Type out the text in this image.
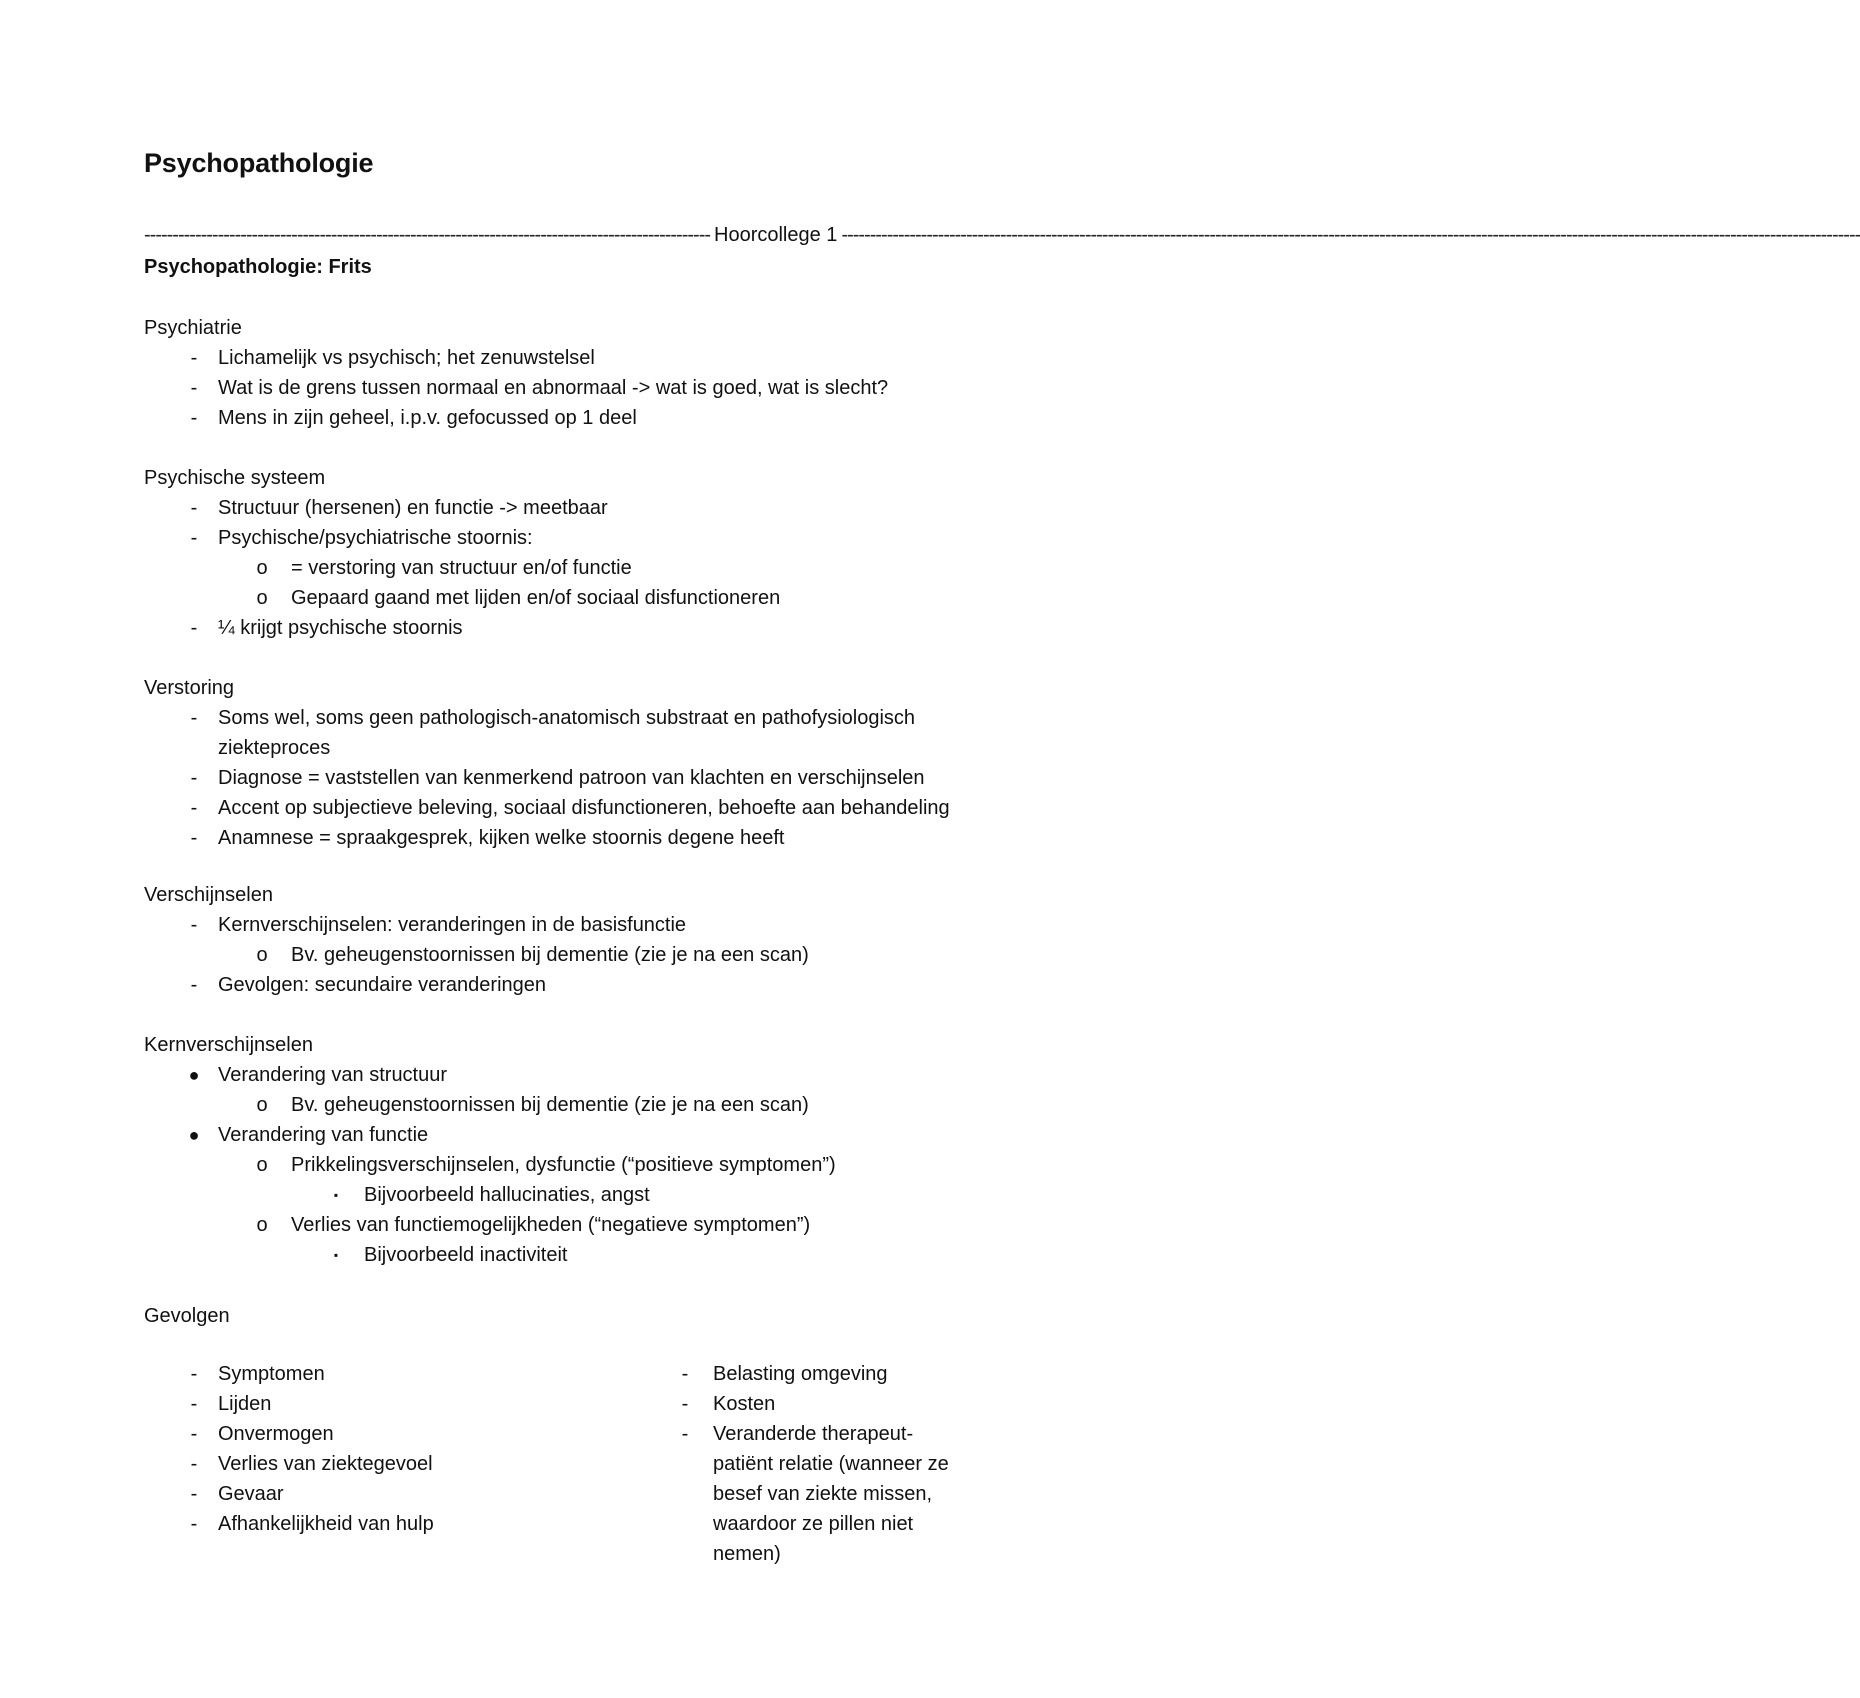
Psychopathologie
---------------------------------------------------------------------------------------------------- Hoorcollege 1 ------------------------------------------------------------------------------------------------------------------------------------------------------------------------------------
Psychopathologie: Frits
Psychiatrie
-	Lichamelijk vs psychisch; het zenuwstelsel
-	Wat is de grens tussen normaal en abnormaal -> wat is goed, wat is slecht?
-	Mens in zijn geheel, i.p.v. gefocussed op 1 deel
Psychische systeem
-	Structuur (hersenen) en functie -> meetbaar
-	Psychische/psychiatrische stoornis:
o = verstoring van structuur en/of functie
o Gepaard gaand met lijden en/of sociaal disfunctioneren
-	¼ krijgt psychische stoornis
Verstoring
-	Soms wel, soms geen pathologisch-anatomisch substraat en pathofysiologisch ziekteproces
-	Diagnose = vaststellen van kenmerkend patroon van klachten en verschijnselen
-	Accent op subjectieve beleving, sociaal disfunctioneren, behoefte aan behandeling
-	Anamnese = spraakgesprek, kijken welke stoornis degene heeft
Verschijnselen
-	Kernverschijnselen: veranderingen in de basisfunctie
o Bv. geheugenstoornissen bij dementie (zie je na een scan)
-	Gevolgen: secundaire veranderingen
Kernverschijnselen
● Verandering van structuur
o Bv. geheugenstoornissen bij dementie (zie je na een scan)
● Verandering van functie
o Prikkelingsverschijnselen, dysfunctie (“positieve symptomen”)
▪	Bijvoorbeeld hallucinaties, angst
o Verlies van functiemogelijkheden (“negatieve symptomen”)
▪	Bijvoorbeeld inactiviteit
Gevolgen
-	Symptomen
-	Lijden
-	Onvermogen
-	Verlies van ziektegevoel
-	Gevaar
-	Afhankelijkheid van hulp
-	Belasting omgeving
-	Kosten
-	Veranderde therapeut-patiënt relatie (wanneer ze besef van ziekte missen, waardoor ze pillen niet nemen)
